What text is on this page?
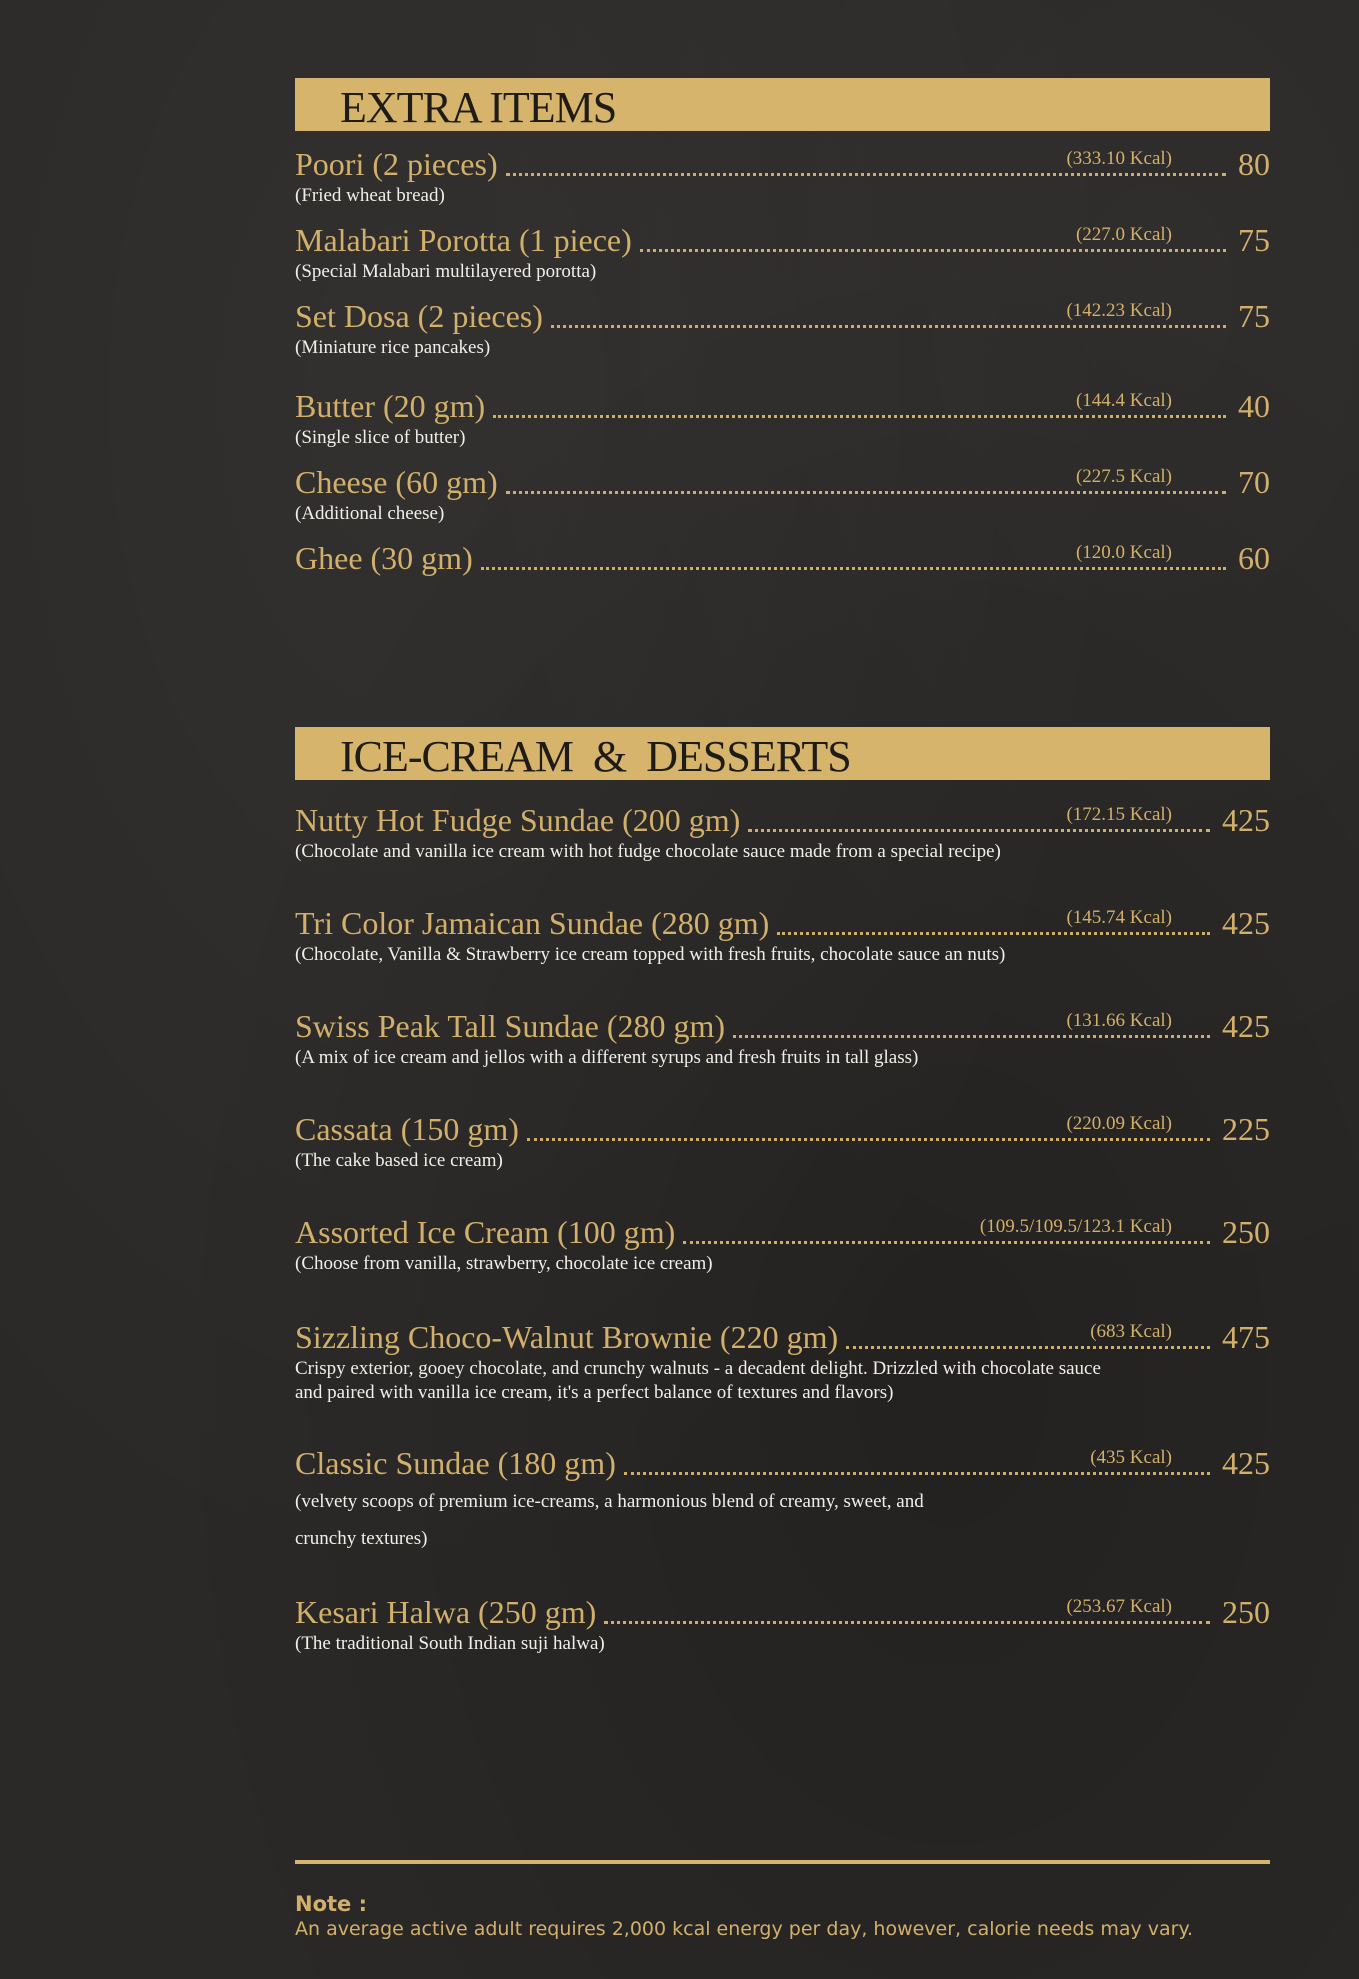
EXTRA ITEMS
Poori (2 pieces)	(333.10 Kcal) 80
(Fried wheat bread)
Malabari Porotta (1 piece)	(227.0 Kcal) 75
(Special Malabari multilayered porotta)
Set Dosa (2 pieces)	(142.23 Kcal) 75
(Miniature rice pancakes)
Butter (20 gm)	(144.4 Kcal) 40
(Single slice of butter)
Cheese (60 gm)	(227.5 Kcal) 70
(Additional cheese)
Ghee (30 gm)	(120.0 Kcal) 60
ICE-CREAM  &  DESSERTS
Nutty Hot Fudge Sundae (200 gm)	(172.15 Kcal) 425
(Chocolate and vanilla ice cream with hot fudge chocolate sauce made from a special recipe)
Tri Color Jamaican Sundae (280 gm)	(145.74 Kcal) 425
(Chocolate, Vanilla & Strawberry ice cream topped with fresh fruits, chocolate sauce an nuts)
Swiss Peak Tall Sundae (280 gm)	(131.66 Kcal) 425
(A mix of ice cream and jellos with a different syrups and fresh fruits in tall glass)
Cassata (150 gm)	(220.09 Kcal) 225
(The cake based ice cream)
Assorted Ice Cream (100 gm)	(109.5/109.5/123.1 Kcal) 250
(Choose from vanilla, strawberry, chocolate ice cream)
Sizzling Choco-Walnut Brownie (220 gm)	(683 Kcal) 475
Crispy exterior, gooey chocolate, and crunchy walnuts - a decadent delight. Drizzled with chocolate sauce
and paired with vanilla ice cream, it's a perfect balance of textures and flavors)
Classic Sundae (180 gm)	(435 Kcal) 425
(velvety scoops of premium ice-creams, a harmonious blend of creamy, sweet, and
crunchy textures)
Kesari Halwa (250 gm)	(253.67 Kcal) 250
(The traditional South Indian suji halwa)
Note :
An average active adult requires 2,000 kcal energy per day, however, calorie needs may vary.
